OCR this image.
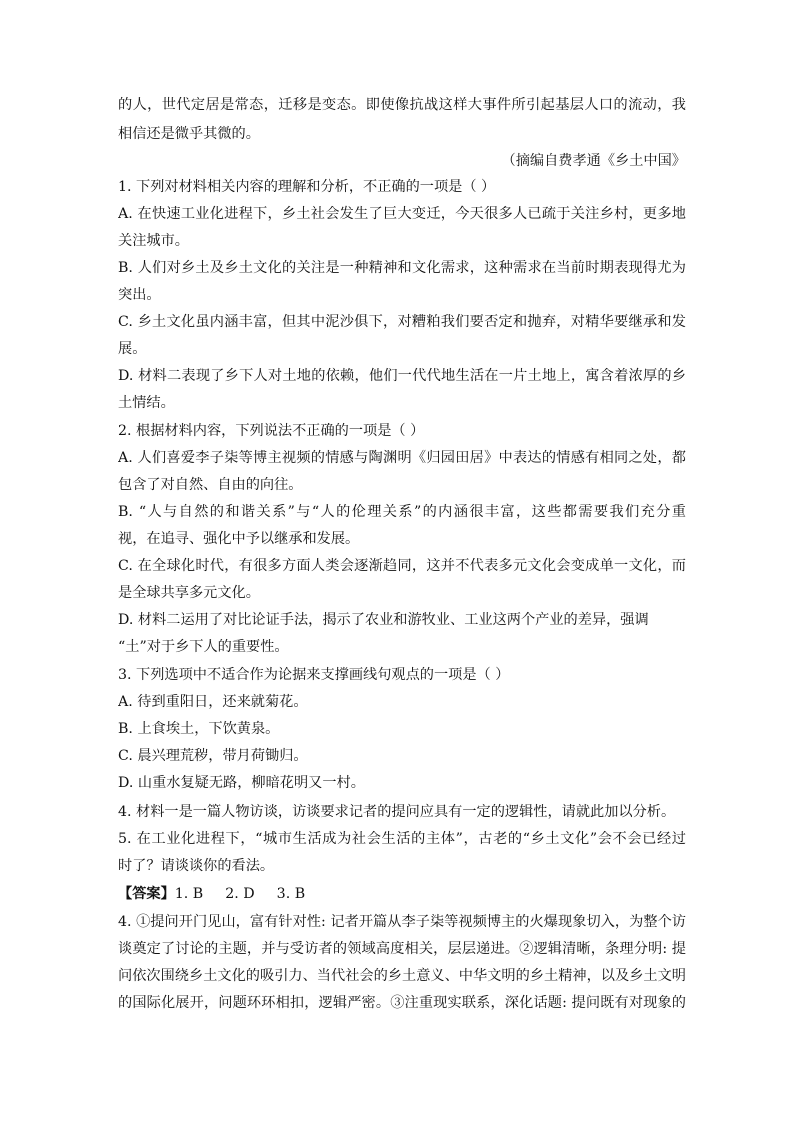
的人，世代定居是常态，迁移是变态。即使像抗战这样大事件所引起基层人口的流动，我
相信还是微乎其微的。
（摘编自费孝通《乡土中国》
1. 下列对材料相关内容的理解和分析，不正确的一项是（ ）
A. 在快速工业化进程下，乡土社会发生了巨大变迁，今天很多人已疏于关注乡村，更多地
关注城市。
B. 人们对乡土及乡土文化的关注是一种精神和文化需求，这种需求在当前时期表现得尤为
突出。
C. 乡土文化虽内涵丰富，但其中泥沙俱下，对糟粕我们要否定和抛弃，对精华要继承和发
展。
D. 材料二表现了乡下人对土地的依赖，他们一代代地生活在一片土地上，寓含着浓厚的乡
土情结。
2. 根据材料内容，下列说法不正确的一项是（ ）
A. 人们喜爱李子柒等博主视频的情感与陶渊明《归园田居》中表达的情感有相同之处，都
包含了对自然、自由的向往。
B. “人与自然的和谐关系”与“人的伦理关系”的内涵很丰富，这些都需要我们充分重
视，在追寻、强化中予以继承和发展。
C. 在全球化时代，有很多方面人类会逐渐趋同，这并不代表多元文化会变成单一文化，而
是全球共享多元文化。
D. 材料二运用了对比论证手法，揭示了农业和游牧业、工业这两个产业的差异，强调
“土”对于乡下人的重要性。
3. 下列选项中不适合作为论据来支撑画线句观点的一项是（ ）
A. 待到重阳日，还来就菊花。
B. 上食埃土，下饮黄泉。
C. 晨兴理荒秽，带月荷锄归。
D. 山重水复疑无路，柳暗花明又一村。
4. 材料一是一篇人物访谈，访谈要求记者的提问应具有一定的逻辑性，请就此加以分析。
5. 在工业化进程下，“城市生活成为社会生活的主体”，古老的“乡土文化”会不会已经过
时了？请谈谈你的看法。
【答案】1. B 2. D 3. B
4. ①提问开门见山，富有针对性: 记者开篇从李子柒等视频博主的火爆现象切入，为整个访
谈奠定了讨论的主题，并与受访者的领域高度相关，层层递进。②逻辑清晰，条理分明: 提
问依次围绕乡土文化的吸引力、当代社会的乡土意义、中华文明的乡土精神，以及乡土文明
的国际化展开，问题环环相扣，逻辑严密。③注重现实联系，深化话题: 提问既有对现象的
